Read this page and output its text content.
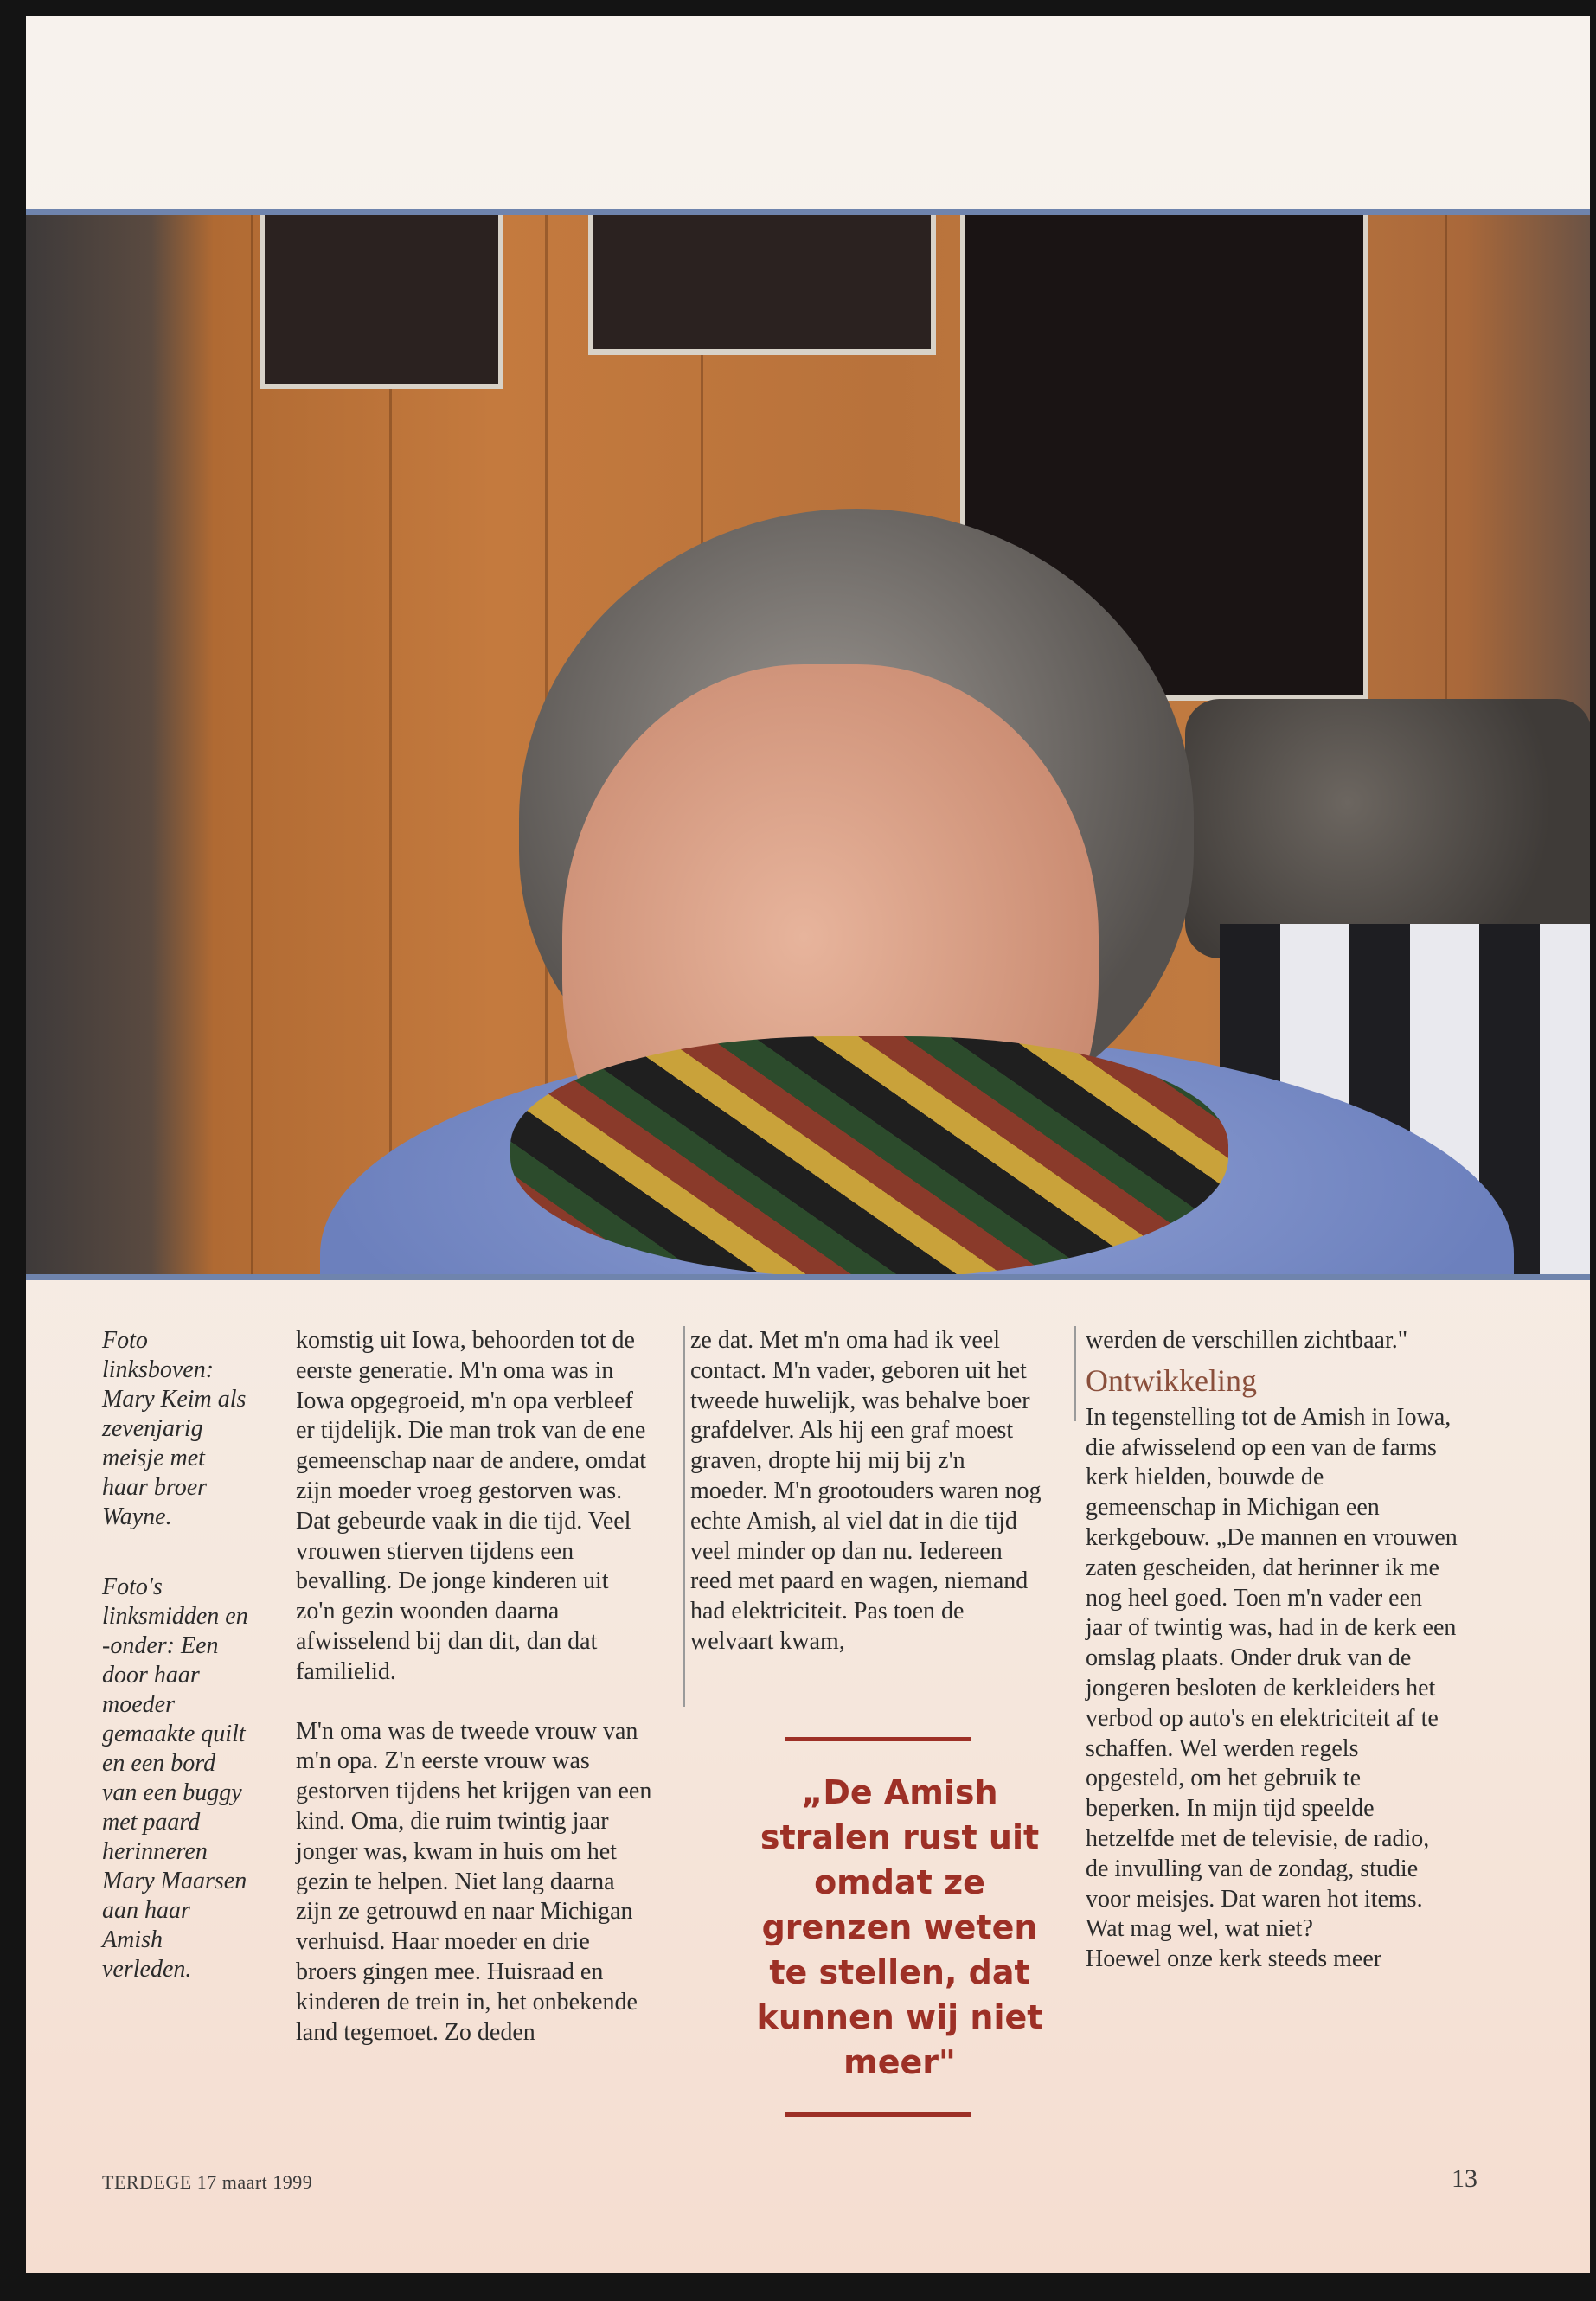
Foto linksboven: Mary Keim als zevenjarig meisje met haar broer Wayne.
Foto's linksmidden en -onder: Een door haar moeder gemaakte quilt en een bord van een buggy met paard herinneren Mary Maarsen aan haar Amish verleden.

komstig uit Iowa, behoorden tot de eerste generatie. M'n oma was in Iowa opgegroeid, m'n opa verbleef er tijdelijk. Die man trok van de ene gemeenschap naar de andere, omdat zijn moeder vroeg gestorven was. Dat gebeurde vaak in die tijd. Veel vrouwen stierven tijdens een bevalling. De jonge kinderen uit zo'n gezin woonden daarna afwisselend bij dan dit, dan dat familielid.

M'n oma was de tweede vrouw van m'n opa. Z'n eerste vrouw was gestorven tijdens het krijgen van een kind. Oma, die ruim twintig jaar jonger was, kwam in huis om het gezin te helpen. Niet lang daarna zijn ze getrouwd en naar Michigan verhuisd. Haar moeder en drie broers gingen mee. Huisraad en kinderen de trein in, het onbekende land tegemoet. Zo deden

ze dat. Met m'n oma had ik veel contact. M'n vader, geboren uit het tweede huwelijk, was behalve boer grafdelver. Als hij een graf moest graven, dropte hij mij bij z'n moeder. M'n grootouders waren nog echte Amish, al viel dat in die tijd veel minder op dan nu. Iedereen reed met paard en wagen, niemand had elektriciteit. Pas toen de welvaart kwam,

„De Amish stralen rust uit omdat ze grenzen weten te stellen, dat kunnen wij niet meer"

werden de verschillen zichtbaar."

Ontwikkeling

In tegenstelling tot de Amish in Iowa, die afwisselend op een van de farms kerk hielden, bouwde de gemeenschap in Michigan een kerkgebouw. „De mannen en vrouwen zaten gescheiden, dat herinner ik me nog heel goed. Toen m'n vader een jaar of twintig was, had in de kerk een omslag plaats. Onder druk van de jongeren besloten de kerkleiders het verbod op auto's en elektriciteit af te schaffen. Wel werden regels opgesteld, om het gebruik te beperken. In mijn tijd speelde hetzelfde met de televisie, de radio, de invulling van de zondag, studie voor meisjes. Dat waren hot items. Wat mag wel, wat niet?

Hoewel onze kerk steeds meer

TERDEGE 17 maart 1999	13
